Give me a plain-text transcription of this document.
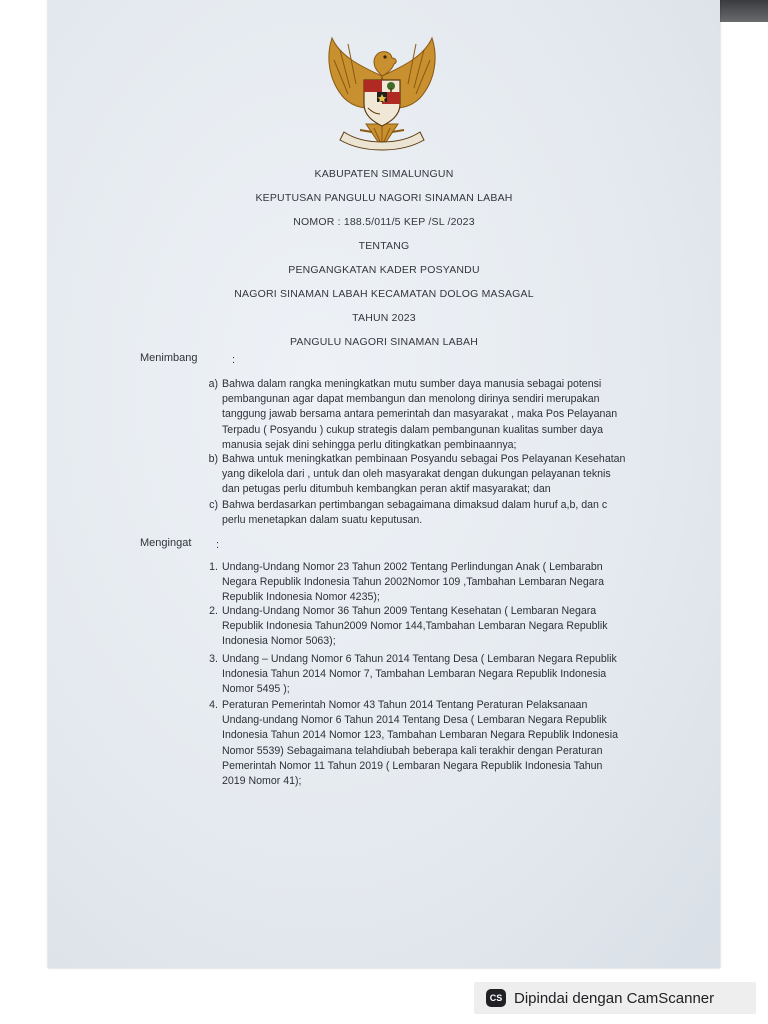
KABUPATEN SIMALUNGUN
KEPUTUSAN PANGULU NAGORI SINAMAN LABAH
NOMOR : 188.5/011/5 KEP /SL /2023
TENTANG
PENGANGKATAN KADER POSYANDU
NAGORI SINAMAN LABAH KECAMATAN DOLOG MASAGAL
TAHUN 2023
PANGULU NAGORI SINAMAN LABAH
Menimbang	:
a) Bahwa dalam rangka meningkatkan mutu sumber daya manusia sebagai potensi
pembangunan agar dapat membangun dan menolong dirinya sendiri merupakan
tanggung jawab bersama antara pemerintah dan masyarakat , maka Pos Pelayanan
Terpadu ( Posyandu ) cukup strategis dalam pembangunan kualitas sumber daya
manusia sejak dini sehingga perlu ditingkatkan pembinaannya;
b) Bahwa untuk meningkatkan pembinaan Posyandu sebagai Pos Pelayanan Kesehatan
yang dikelola dari , untuk dan oleh masyarakat dengan dukungan pelayanan teknis
dan petugas perlu ditumbuh kembangkan peran aktif masyarakat; dan
c) Bahwa berdasarkan pertimbangan sebagaimana dimaksud dalam huruf a,b, dan c
perlu menetapkan dalam suatu keputusan.
Mengingat :
1. Undang-Undang Nomor 23 Tahun 2002 Tentang Perlindungan Anak ( Lembarabn
Negara Republik Indonesia Tahun 2002Nomor 109 ,Tambahan Lembaran Negara
Republik Indonesia Nomor 4235);
2. Undang-Undang Nomor 36 Tahun 2009 Tentang Kesehatan ( Lembaran Negara
Republik Indonesia Tahun2009 Nomor 144,Tambahan Lembaran Negara Republik
Indonesia Nomor 5063);
3. Undang – Undang Nomor 6 Tahun 2014 Tentang Desa ( Lembaran Negara Republik
Indonesia Tahun 2014 Nomor 7, Tambahan Lembaran Negara Republik Indonesia
Nomor 5495 );
4. Peraturan Pemerintah Nomor 43 Tahun 2014 Tentang Peraturan Pelaksanaan
Undang-undang Nomor 6 Tahun 2014 Tentang Desa ( Lembaran Negara Republik
Indonesia Tahun 2014 Nomor 123, Tambahan Lembaran Negara Republik Indonesia
Nomor 5539) Sebagaimana telahdiubah beberapa kali terakhir dengan Peraturan
Pemerintah Nomor 11 Tahun 2019 ( Lembaran Negara Republik Indonesia Tahun
2019 Nomor 41);
CS Dipindai dengan CamScanner
